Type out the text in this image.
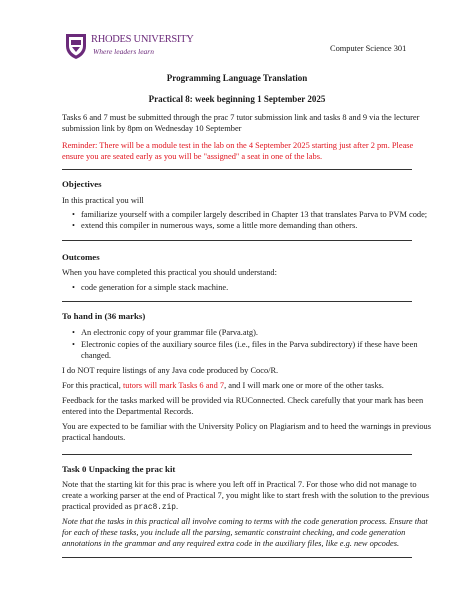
RHODES UNIVERSITY
Where leaders learn	Computer Science 301
Programming Language Translation
Practical 8: week beginning 1 September 2025
Tasks 6 and 7 must be submitted through the prac 7 tutor submission link and tasks 8 and 9 via the lecturer
submission link by 8pm on Wednesday 10 September
Reminder: There will be a module test in the lab on the 4 September 2025 starting just after 2 pm. Please
ensure you are seated early as you will be "assigned" a seat in one of the labs.
Objectives
In this practical you will
• familiarize yourself with a compiler largely described in Chapter 13 that translates Parva to PVM code;
• extend this compiler in numerous ways, some a little more demanding than others.
Outcomes
When you have completed this practical you should understand:
• code generation for a simple stack machine.
To hand in (36 marks)
• An electronic copy of your grammar file (Parva.atg).
• Electronic copies of the auxiliary source files (i.e., files in the Parva subdirectory) if these have been
changed.
I do NOT require listings of any Java code produced by Coco/R.
For this practical, tutors will mark Tasks 6 and 7, and I will mark one or more of the other tasks.
Feedback for the tasks marked will be provided via RUConnected. Check carefully that your mark has been
entered into the Departmental Records.
You are expected to be familiar with the University Policy on Plagiarism and to heed the warnings in previous
practical handouts.
Task 0 Unpacking the prac kit
Note that the starting kit for this prac is where you left off in Practical 7. For those who did not manage to
create a working parser at the end of Practical 7, you might like to start fresh with the solution to the previous
practical provided as prac8.zip.
Note that the tasks in this practical all involve coming to terms with the code generation process. Ensure that
for each of these tasks, you include all the parsing, semantic constraint checking, and code generation
annotations in the grammar and any required extra code in the auxiliary files, like e.g. new opcodes.
